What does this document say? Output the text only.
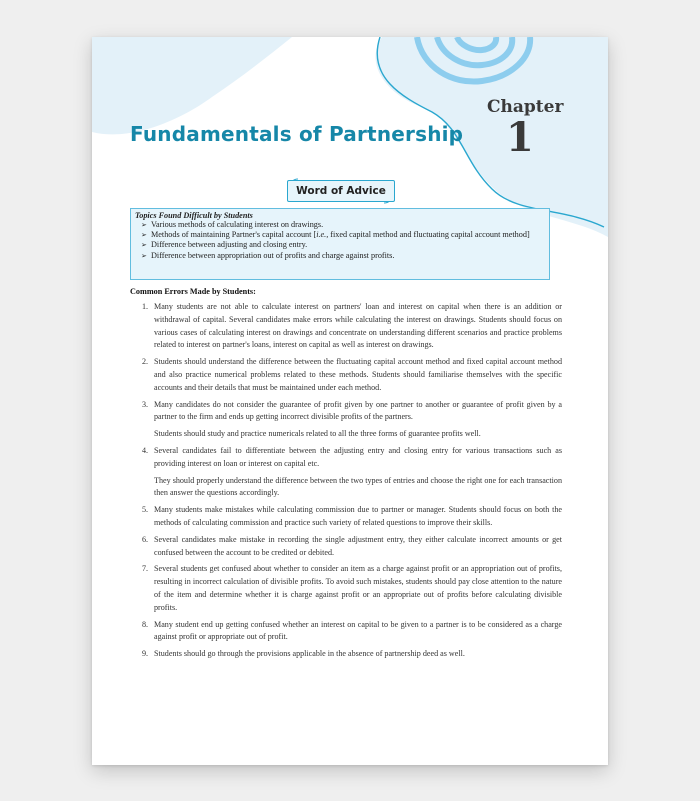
Chapter
1
Fundamentals of Partnership
Word of Advice
Topics Found Difficult by Students
➢ Various methods of calculating interest on drawings.
➢ Methods of maintaining Partner's capital account [i.e., fixed capital method and fluctuating capital account method]
➢ Difference between adjusting and closing entry.
➢ Difference between appropriation out of profits and charge against profits.
Common Errors Made by Students:
1. Many students are not able to calculate interest on partners' loan and interest on capital when there is an addition or withdrawal of capital. Several candidates make errors while calculating the interest on drawings. Students should focus on various cases of calculating interest on drawings and concentrate on understanding different scenarios and practice problems related to interest on partner's loans, interest on capital as well as interest on drawings.

2. Students should understand the difference between the fluctuating capital account method and fixed capital account method and also practice numerical problems related to these methods. Students should familiarise themselves with the specific accounts and their details that must be maintained under each method.

3. Many candidates do not consider the guarantee of profit given by one partner to another or guarantee of profit given by a partner to the firm and ends up getting incorrect divisible profits of the partners.

Students should study and practice numericals related to all the three forms of guarantee profits well.

4. Several candidates fail to differentiate between the adjusting entry and closing entry for various transactions such as providing interest on loan or interest on capital etc.

They should properly understand the difference between the two types of entries and choose the right one for each transaction then answer the questions accordingly.

5. Many students make mistakes while calculating commission due to partner or manager. Students should focus on both the methods of calculating commission and practice such variety of related questions to improve their skills.

6. Several candidates make mistake in recording the single adjustment entry, they either calculate incorrect amounts or get confused between the account to be credited or debited.

7. Several students get confused about whether to consider an item as a charge against profit or an appropriation out of profits, resulting in incorrect calculation of divisible profits. To avoid such mistakes, students should pay close attention to the nature of the item and determine whether it is charge against profit or an appropriate out of profits before calculating divisible profits.

8. Many student end up getting confused whether an interest on capital to be given to a partner is to be considered as a charge against profit or appropriate out of profit.

9. Students should go through the provisions applicable in the absence of partnership deed as well.
